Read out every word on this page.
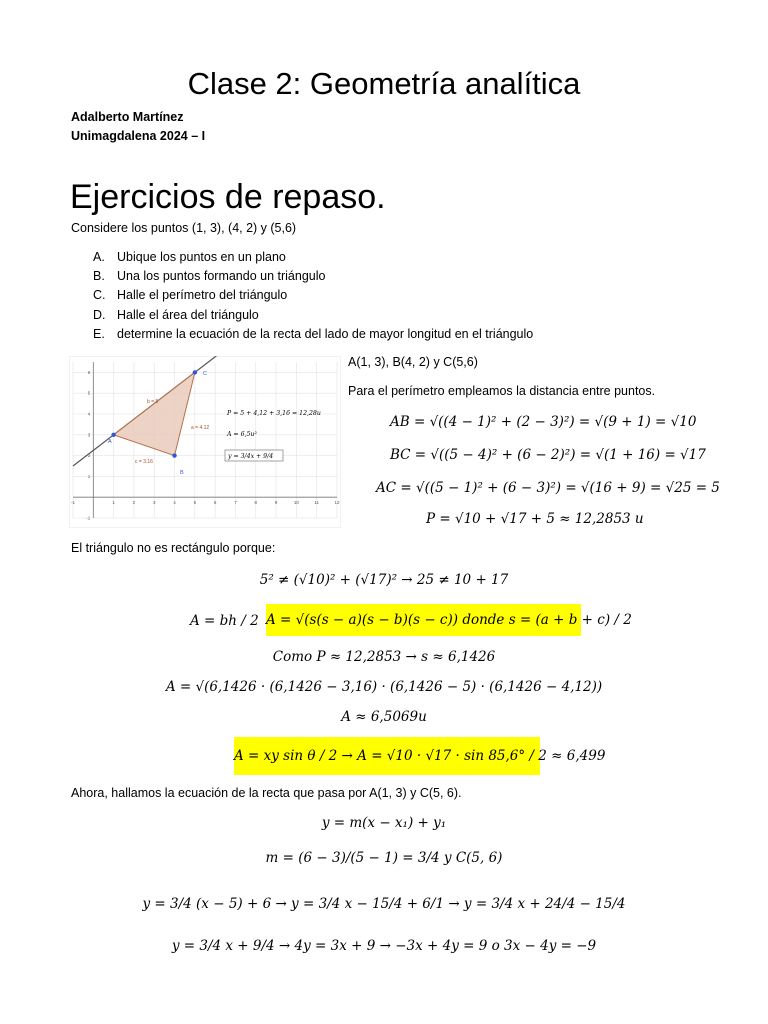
Clase 2: Geometría analítica
Adalberto Martínez
Unimagdalena 2024 – I
Ejercicios de repaso.
Considere los puntos (1, 3), (4, 2) y (5,6)
A. Ubique los puntos en un plano
B. Una los puntos formando un triángulo
C. Halle el perímetro del triángulo
D. Halle el área del triángulo
E. determine la ecuación de la recta del lado de mayor longitud en el triángulo
-1	1	2	3	4	5	6	7	8	9	10	11	12
-1
1
2
3
4
5
6
P = 5 + 4,12 + 3,16 = 12,28u
A = 6,5u²
y = 3/4x + 9/4
b = 5
a = 4.12
c = 3.16
A
B
C
A(1, 3), B(4, 2) y C(5,6)
Para el perímetro empleamos la distancia entre puntos.
AB = √((4 − 1)² + (2 − 3)²) = √(9 + 1) = √10
BC = √((5 − 4)² + (6 − 2)²) = √(1 + 16) = √17
AC = √((5 − 1)² + (6 − 3)²) = √(16 + 9) = √25 = 5
P = √10 + √17 + 5 ≈ 12,2853 u
El triángulo no es rectángulo porque:
5² ≠ (√10)² + (√17)² → 25 ≠ 10 + 17
A = bh / 2 A = √(s(s − a)(s − b)(s − c)) donde s = (a + b + c) / 2
Como P ≈ 12,2853 → s ≈ 6,1426
A = √(6,1426 · (6,1426 − 3,16) · (6,1426 − 5) · (6,1426 − 4,12))
A ≈ 6,5069u
A = xy sin θ / 2 → A = √10 · √17 · sin 85,6° / 2 ≈ 6,499
Ahora, hallamos la ecuación de la recta que pasa por A(1, 3) y C(5, 6).
y = m(x − x₁) + y₁
m = (6 − 3)/(5 − 1) = 3/4 y C(5, 6)
y = 3/4 (x − 5) + 6 → y = 3/4 x − 15/4 + 6/1 → y = 3/4 x + 24/4 − 15/4
y = 3/4 x + 9/4 → 4y = 3x + 9 → −3x + 4y = 9 o 3x − 4y = −9
